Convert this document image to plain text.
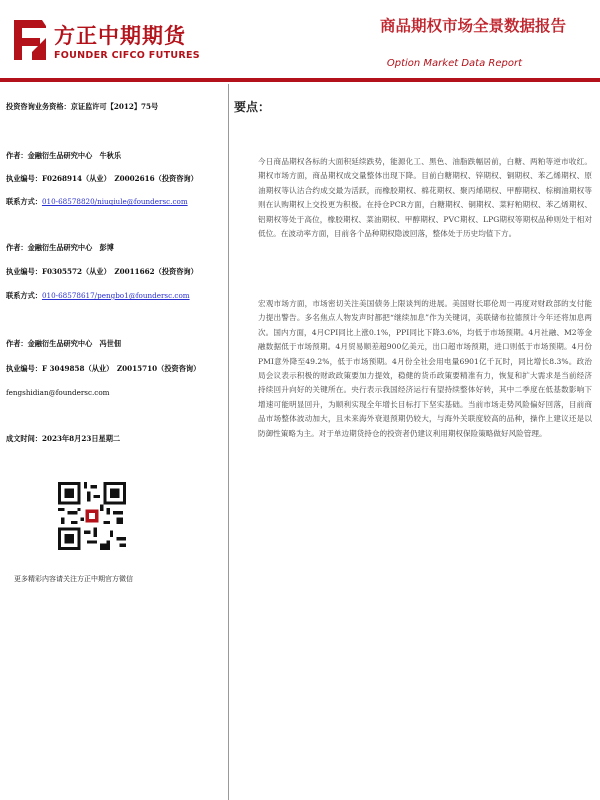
方正中期期货
FOUNDER CIFCO FUTURES
商品期权市场全景数据报告
Option Market Data Report
投资咨询业务资格：京证监许可【2012】75号
作者：金融衍生品研究中心　牛秋乐
执业编号：F0268914（从业）　Z0002616（投资咨询）
联系方式：010-68578820/niuqiule@foundersc.com
作者：金融衍生品研究中心　彭博
执业编号：F0305572（从业）　Z0011662（投资咨询）
联系方式：010-68578617/pengbo1@foundersc.com
作者：金融衍生品研究中心　冯世佃
执业编号：F 3049858（从业）　Z0015710（投资咨询）
fengshidian@foundersc.com
成文时间：2023年8月23日星期二
更多精彩内容请关注方正中期官方微信
要点：
今日商品期权各标的大面积延续跌势，能源化工、黑色、油脂跌幅居前，白糖、两粕等逆市收红。期权市场方面，商品期权成交量整体出现下降。目前白糖期权、锌期权、铜期权、苯乙烯期权、原油期权等认沽合约成交最为活跃，而橡胶期权、棉花期权、聚丙烯期权、甲醇期权、棕榈油期权等则在认购期权上交投更为积极。在持仓PCR方面，白糖期权、铜期权、菜籽粕期权、苯乙烯期权、铝期权等处于高位，橡胶期权、菜油期权、甲醇期权、PVC期权、LPG期权等期权品种则处于相对低位。在波动率方面，目前各个品种期权隐波回落，整体处于历史均值下方。
宏观市场方面，市场密切关注美国债务上限谈判的进展。美国财长耶伦周一再度对财政部的支付能力提出警告。多名焦点人物发声时都把“继续加息”作为关键词，美联储布拉德预计今年还将加息两次。国内方面，4月CPI同比上涨0.1%，PPI同比下降3.6%，均低于市场预期。4月社融、M2等金融数据低于市场预期。4月贸易顺差超900亿美元，出口超市场预期，进口则低于市场预期。4月份PMI意外降至49.2%，低于市场预期。4月份全社会用电量6901亿千瓦时，同比增长8.3%。政治局会议表示积极的财政政策要加力提效，稳健的货币政策要精准有力，恢复和扩大需求是当前经济持续回升向好的关键所在。央行表示我国经济运行有望持续整体好转，其中二季度在低基数影响下增速可能明显回升，为顺利实现全年增长目标打下坚实基础。当前市场走势风险偏好回落，目前商品市场整体波动加大，且未来海外衰退预期仍较大，与海外关联度较高的品种，操作上建议还是以防御性策略为主。对于单边期货持仓的投资者仍建议利用期权保险策略做好风险管理。
